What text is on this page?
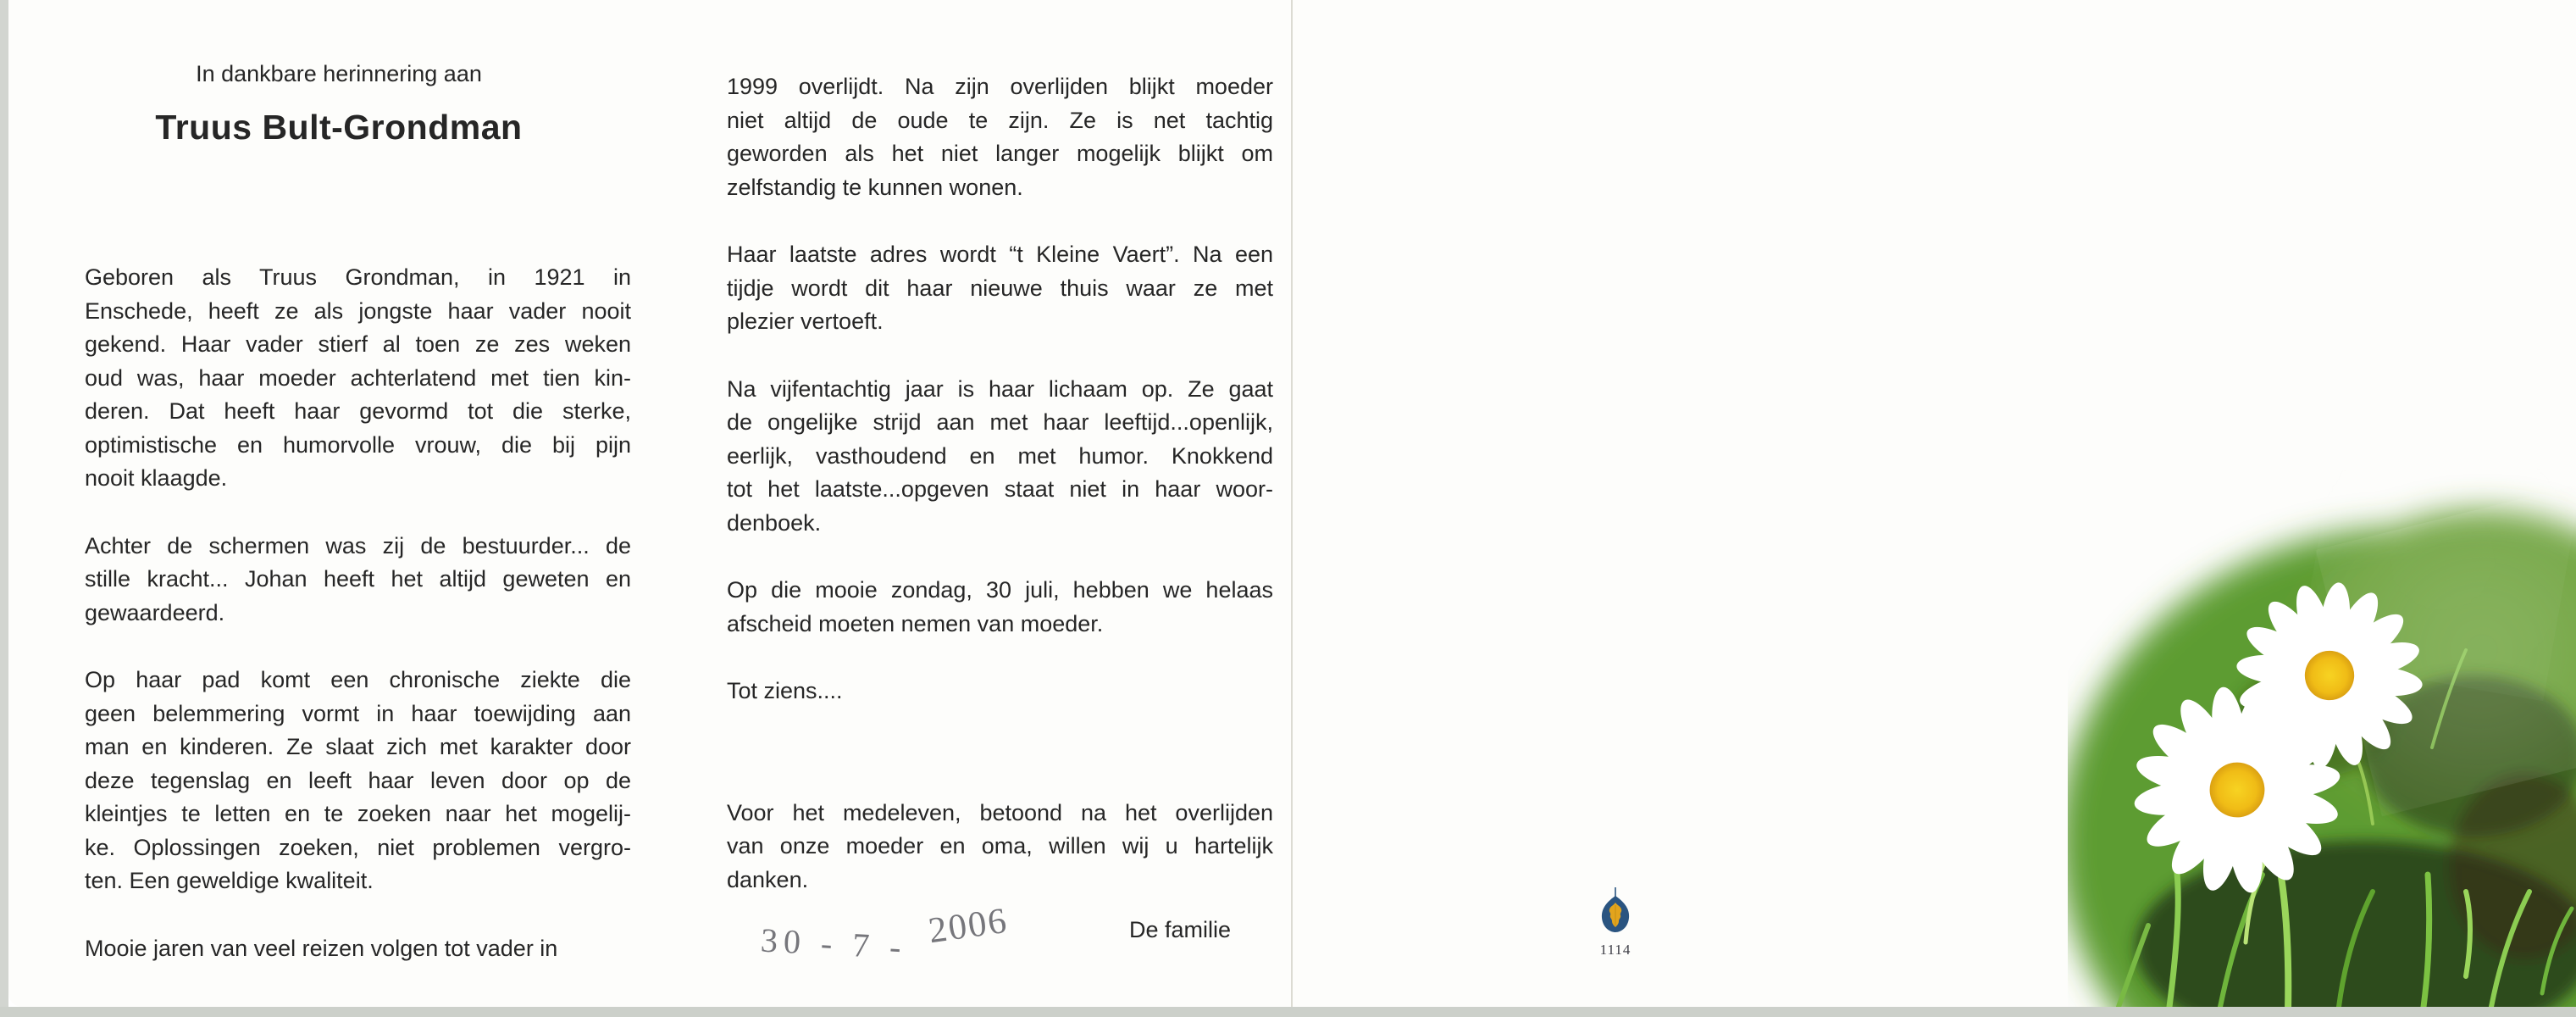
In dankbare herinnering aan
Truus Bult-Grondman
Geboren als Truus Grondman, in 1921 in
Enschede, heeft ze als jongste haar vader nooit
gekend. Haar vader stierf al toen ze zes weken
oud was, haar moeder achterlatend met tien kin-
deren. Dat heeft haar gevormd tot die sterke,
optimistische en humorvolle vrouw, die bij pijn
nooit klaagde.
Achter de schermen was zij de bestuurder... de
stille kracht... Johan heeft het altijd geweten en
gewaardeerd.
Op haar pad komt een chronische ziekte die
geen belemmering vormt in haar toewijding aan
man en kinderen. Ze slaat zich met karakter door
deze tegenslag en leeft haar leven door op de
kleintjes te letten en te zoeken naar het mogelij-
ke. Oplossingen zoeken, niet problemen vergro-
ten. Een geweldige kwaliteit.
Mooie jaren van veel reizen volgen tot vader in
1999 overlijdt. Na zijn overlijden blijkt moeder
niet altijd de oude te zijn. Ze is net tachtig
geworden als het niet langer mogelijk blijkt om
zelfstandig te kunnen wonen.
Haar laatste adres wordt “t Kleine Vaert”. Na een
tijdje wordt dit haar nieuwe thuis waar ze met
plezier vertoeft.
Na vijfentachtig jaar is haar lichaam op. Ze gaat
de ongelijke strijd aan met haar leeftijd...openlijk,
eerlijk, vasthoudend en met humor. Knokkend
tot het laatste...opgeven staat niet in haar woor-
denboek.
Op die mooie zondag, 30 juli, hebben we helaas
afscheid moeten nemen van moeder.
Tot ziens....
Voor het medeleven, betoond na het overlijden
van onze moeder en oma, willen wij u hartelijk
danken.
De familie
30 - 7 - 2006	1114
